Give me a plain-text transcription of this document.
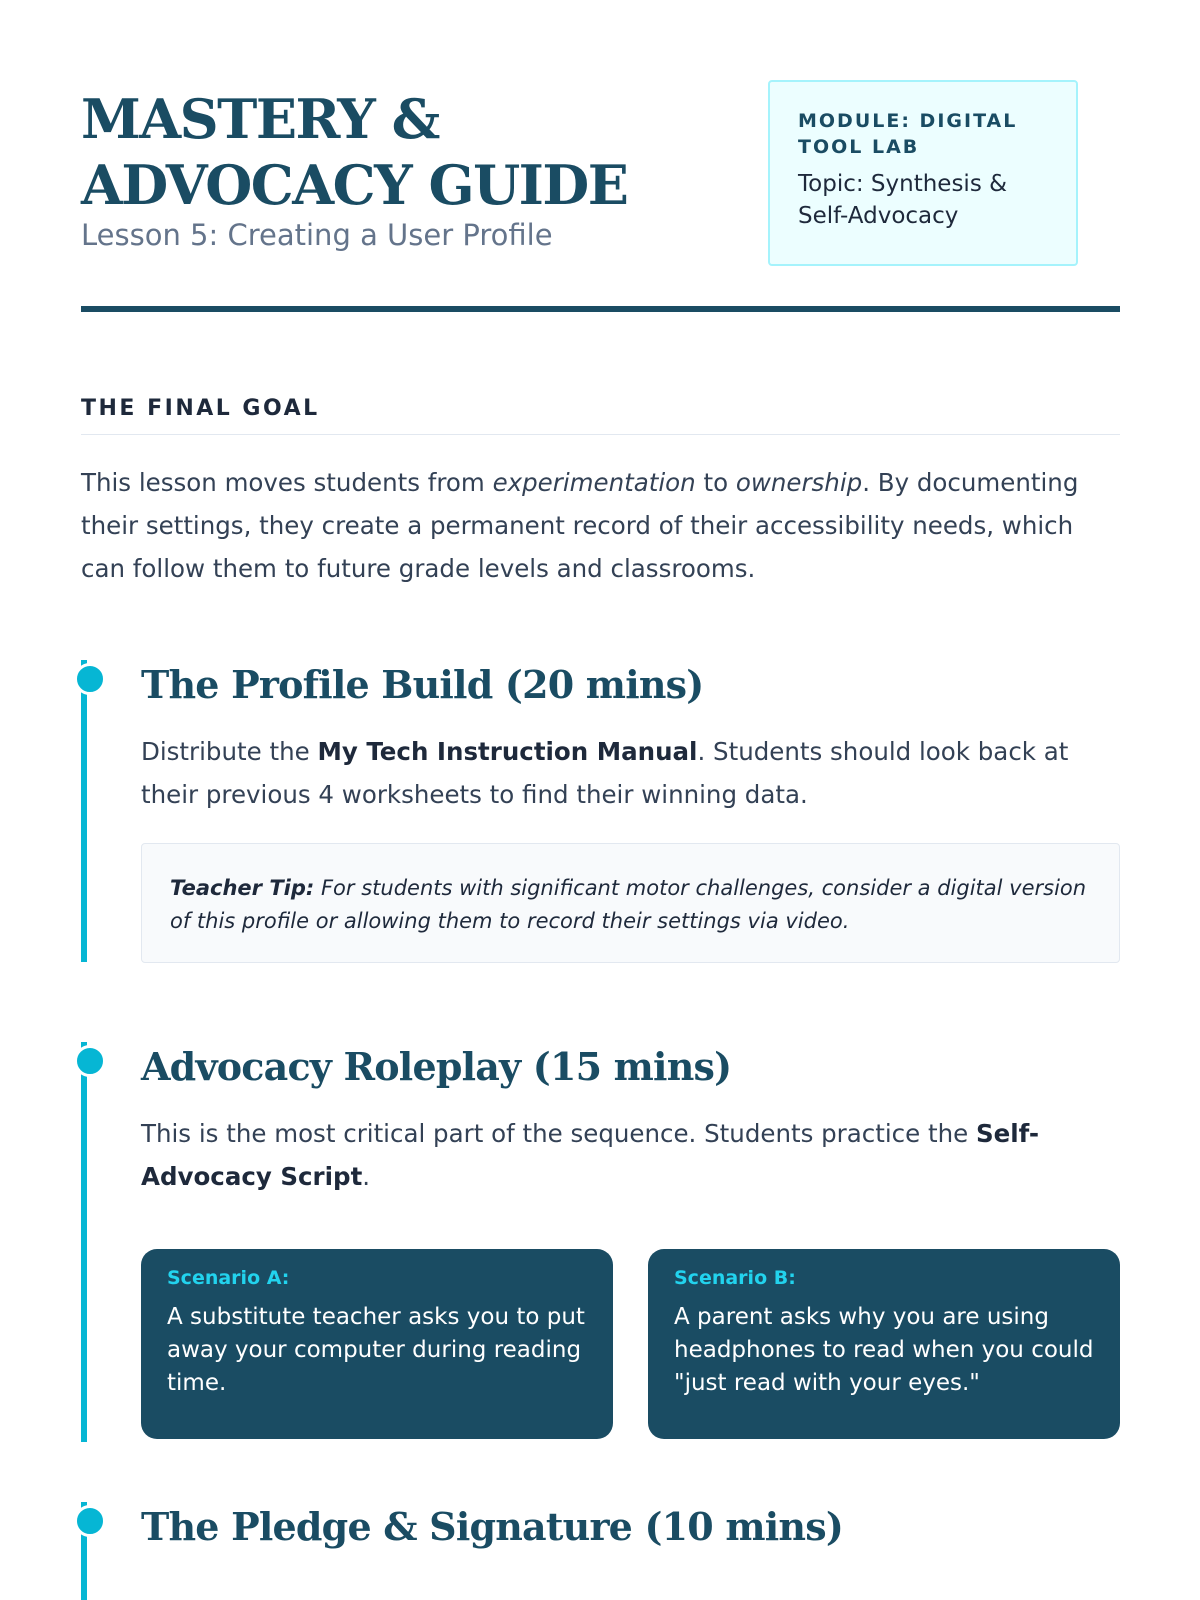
MASTERY & ADVOCACY GUIDE

Lesson 5: Creating a User Profile

MODULE: DIGITAL TOOL LAB
Topic: Synthesis & Self-Advocacy
THE FINAL GOAL

This lesson moves students from experimentation to ownership. By documenting their settings, they create a permanent record of their accessibility needs, which can follow them to future grade levels and classrooms.

The Profile Build (20 mins)

Distribute the My Tech Instruction Manual. Students should look back at their previous 4 worksheets to find their winning data.

Teacher Tip: For students with significant motor challenges, consider a digital version of this profile or allowing them to record their settings via video.
Advocacy Roleplay (15 mins)

This is the most critical part of the sequence. Students practice the Self-Advocacy Script.

Scenario A:
A substitute teacher asks you to put away your computer during reading time.
Scenario B:
A parent asks why you are using headphones to read when you could "just read with your eyes."
The Pledge & Signature (10 mins)
